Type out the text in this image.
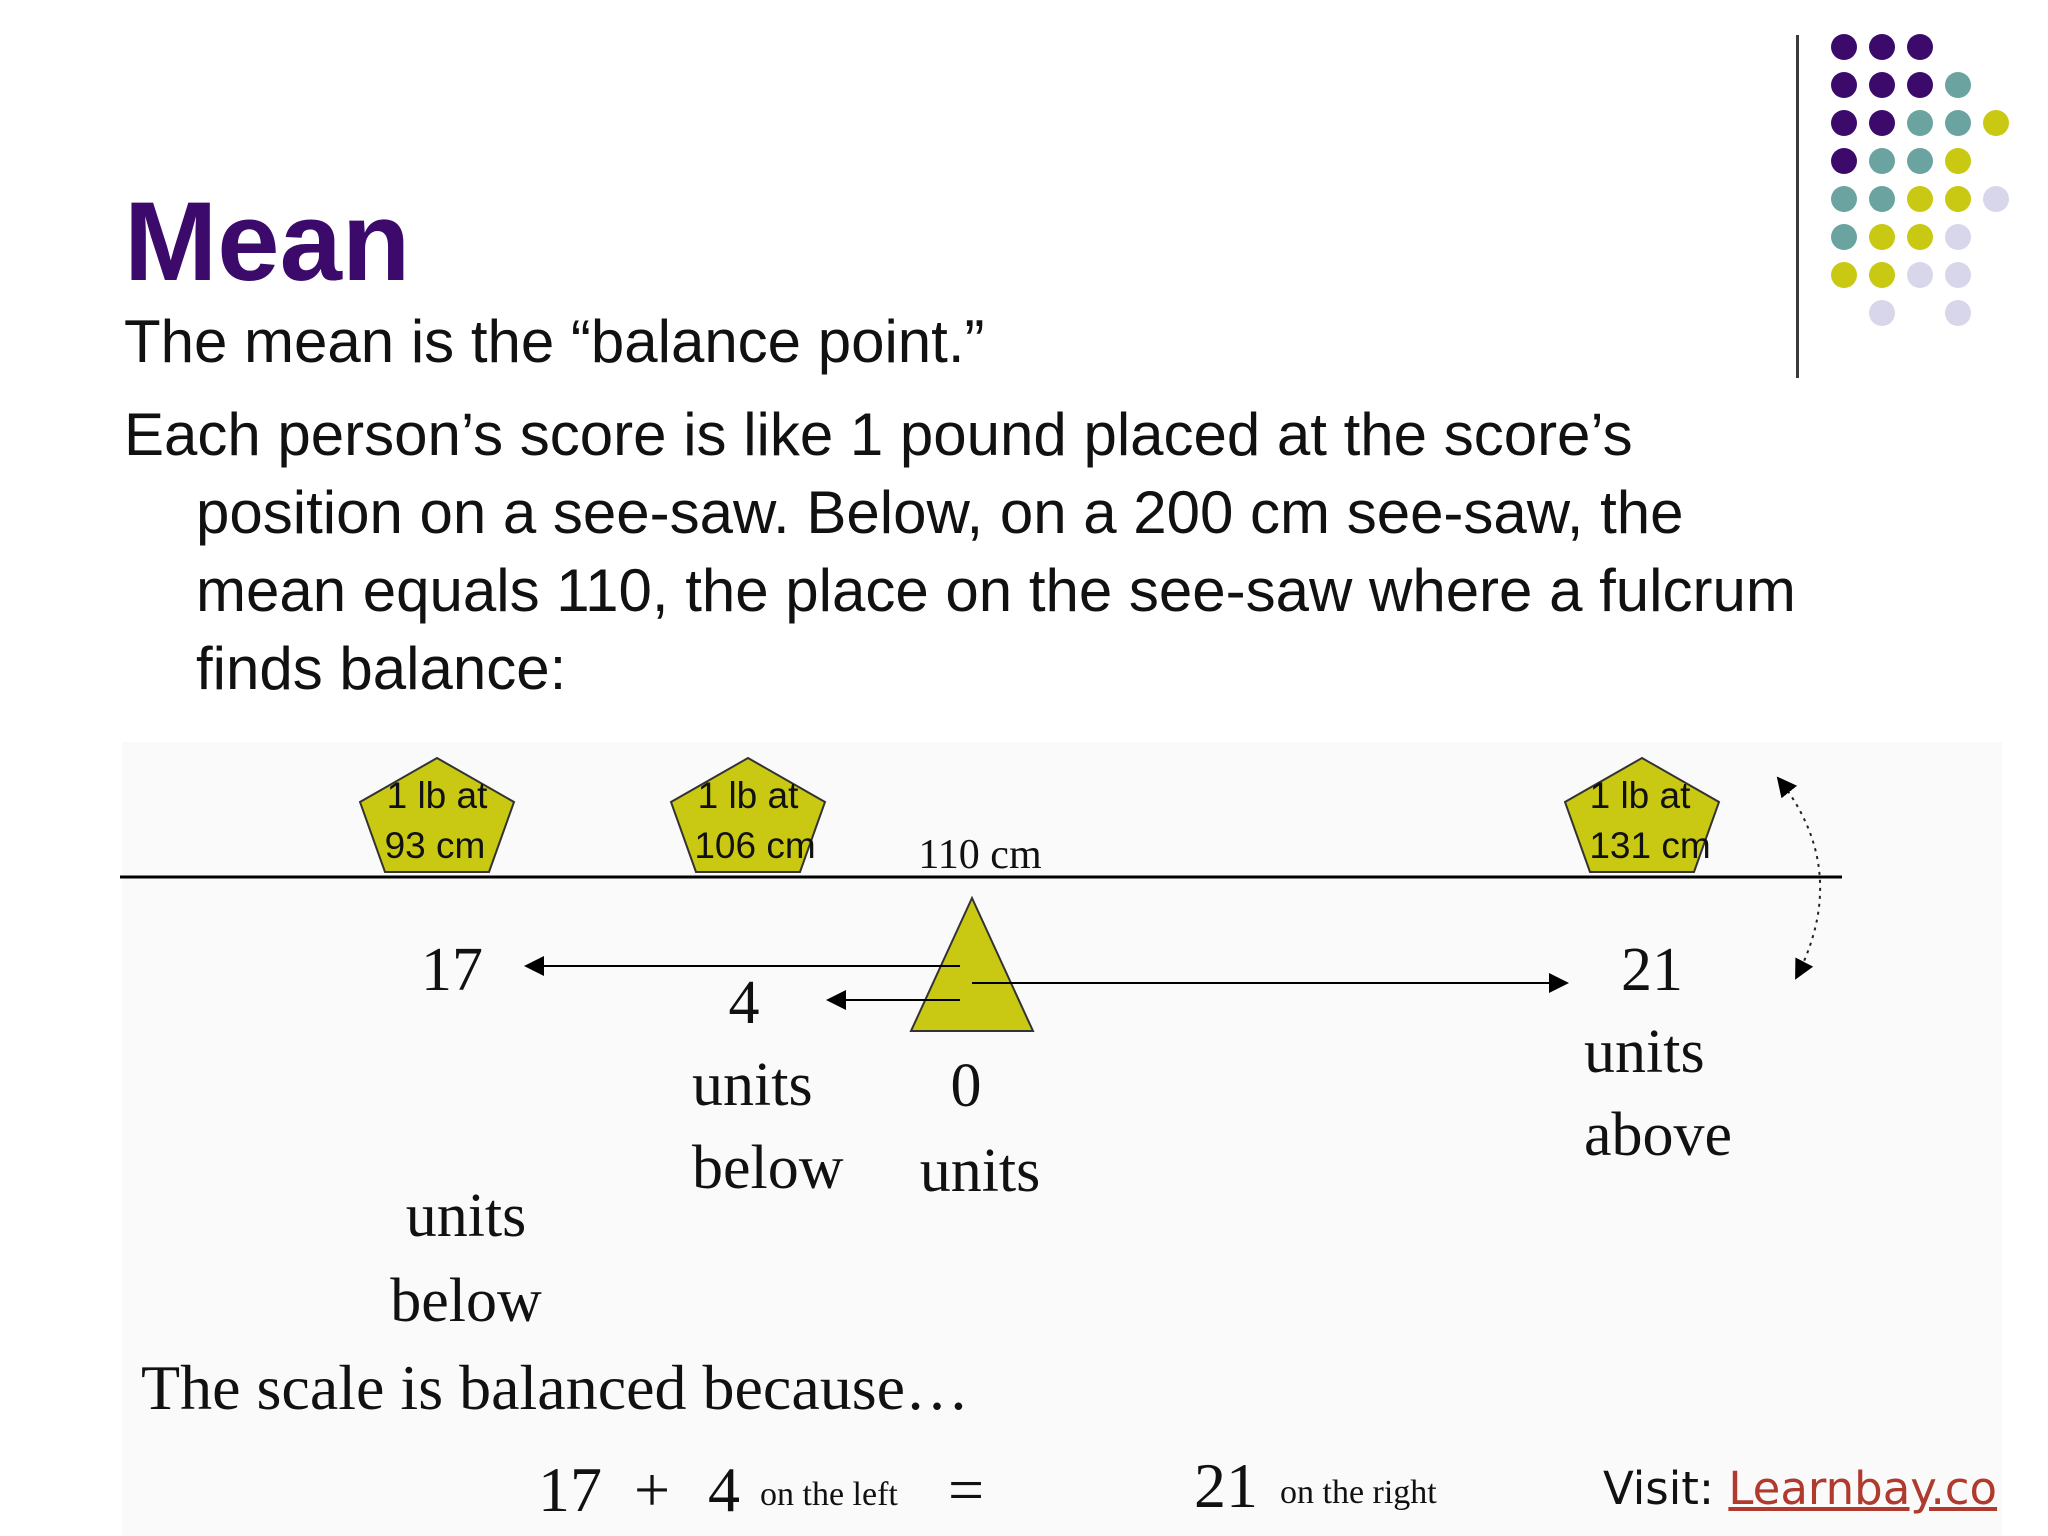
Mean
The mean is the “balance point.”
Each person’s score is like 1 pound placed at the score’s
position on a see-saw. Below, on a 200 cm see-saw, the
mean equals 110, the place on the see-saw where a fulcrum
finds balance:
1 lb at
93 cm
1 lb at
106 cm
1 lb at
131 cm
110 cm
17
units
below
4
units
below
0
units
21
units
above
The scale is balanced because…
17 + 4 on the left =	21 on the right	Visit: Learnbay.co
